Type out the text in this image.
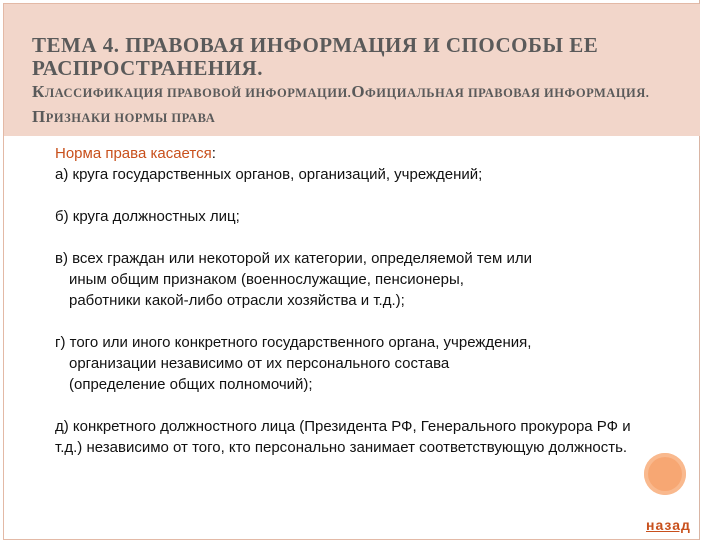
ТЕМА 4. ПРАВОВАЯ ИНФОРМАЦИЯ И СПОСОБЫ ЕЕ РАСПРОСТРАНЕНИЯ.

КЛАССИФИКАЦИЯ ПРАВОВОЙ ИНФОРМАЦИИ.ОФИЦИАЛЬНАЯ ПРАВОВАЯ ИНФОРМАЦИЯ. ПРИЗНАКИ НОРМЫ ПРАВА

Норма права касается:

а) круга государственных органов, организаций, учреждений;

б) круга должностных лиц;

в) всех граждан или некоторой их категории, определяемой тем или
иным общим признаком (военнослужащие, пенсионеры, работники какой-либо отрасли хозяйства и т.д.);

г) того или иного конкретного государственного органа, учреждения,
организации независимо от их персонального состава (определение общих полномочий);

д) конкретного должностного лица (Президента РФ, Генерального прокурора РФ и т.д.) независимо от того, кто персонально занимает соответствующую должность.

назад
